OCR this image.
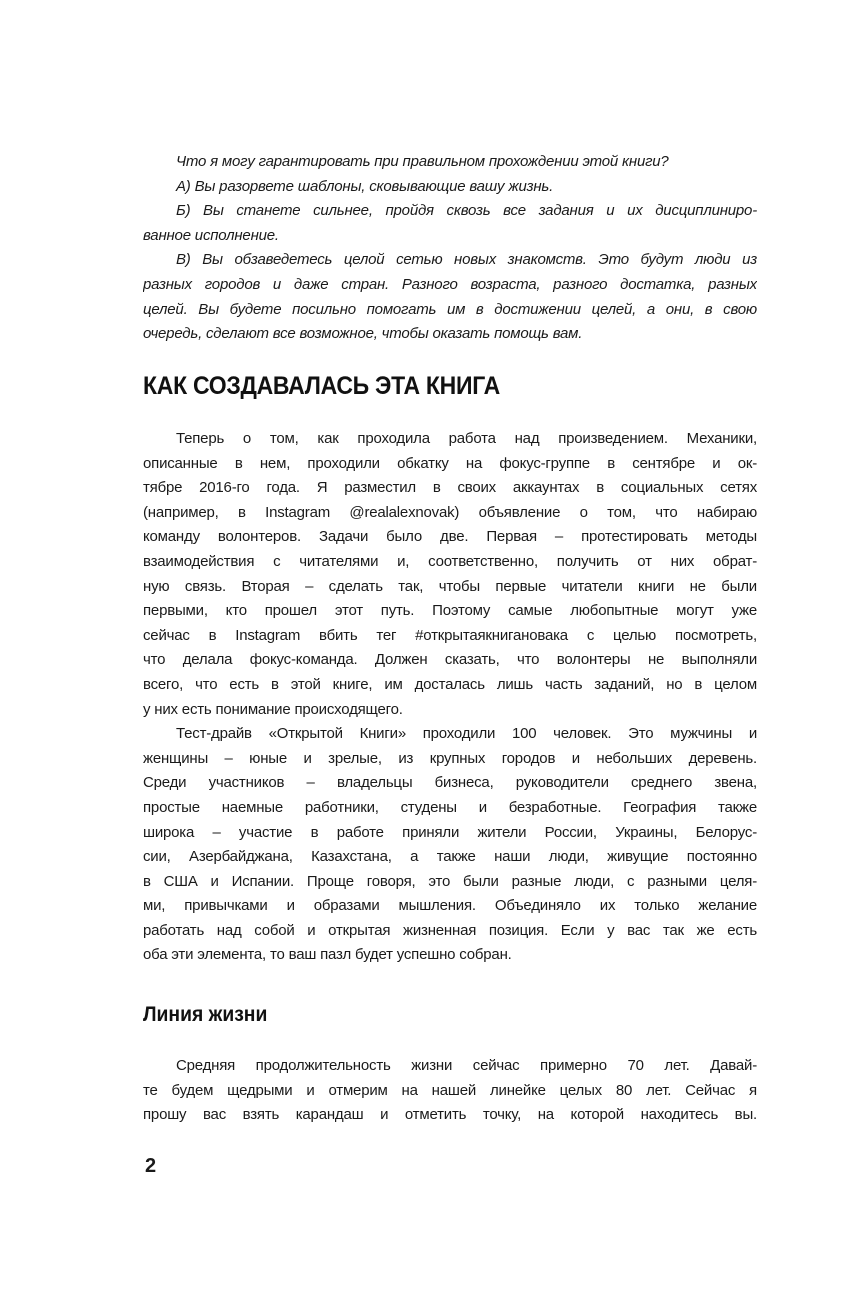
Что я могу гарантировать при правильном прохождении этой книги?
А) Вы разорвете шаблоны, сковывающие вашу жизнь.
Б) Вы станете сильнее, пройдя сквозь все задания и их дисциплиниро-
ванное исполнение.
В) Вы обзаведетесь целой сетью новых знакомств. Это будут люди из
разных городов и даже стран. Разного возраста, разного достатка, разных
целей. Вы будете посильно помогать им в достижении целей, а они, в свою
очередь, сделают все возможное, чтобы оказать помощь вам.
КАК СОЗДАВАЛАСЬ ЭТА КНИГА
Теперь о том, как проходила работа над произведением. Механики,
описанные в нем, проходили обкатку на фокус-группе в сентябре и ок-
тябре 2016-го года. Я разместил в своих аккаунтах в социальных сетях
(например, в Instagram @realalexnovak) объявление о том, что набираю
команду волонтеров. Задачи было две. Первая – протестировать методы
взаимодействия с читателями и, соответственно, получить от них обрат-
ную связь. Вторая – сделать так, чтобы первые читатели книги не были
первыми, кто прошел этот путь. Поэтому самые любопытные могут уже
сейчас в Instagram вбить тег #открытаякнигановака с целью посмотреть,
что делала фокус-команда. Должен сказать, что волонтеры не выполняли
всего, что есть в этой книге, им досталась лишь часть заданий, но в целом
у них есть понимание происходящего.
Тест-драйв «Открытой Книги» проходили 100 человек. Это мужчины и
женщины – юные и зрелые, из крупных городов и небольших деревень.
Среди участников – владельцы бизнеса, руководители среднего звена,
простые наемные работники, студены и безработные. География также
широка – участие в работе приняли жители России, Украины, Белорус-
сии, Азербайджана, Казахстана, а также наши люди, живущие постоянно
в США и Испании. Проще говоря, это были разные люди, с разными целя-
ми, привычками и образами мышления. Объединяло их только желание
работать над собой и открытая жизненная позиция. Если у вас так же есть
оба эти элемента, то ваш пазл будет успешно собран.
Линия жизни
Средняя продолжительность жизни сейчас примерно 70 лет. Давай-
те будем щедрыми и отмерим на нашей линейке целых 80 лет. Сейчас я
прошу вас взять карандаш и отметить точку, на которой находитесь вы.
2
